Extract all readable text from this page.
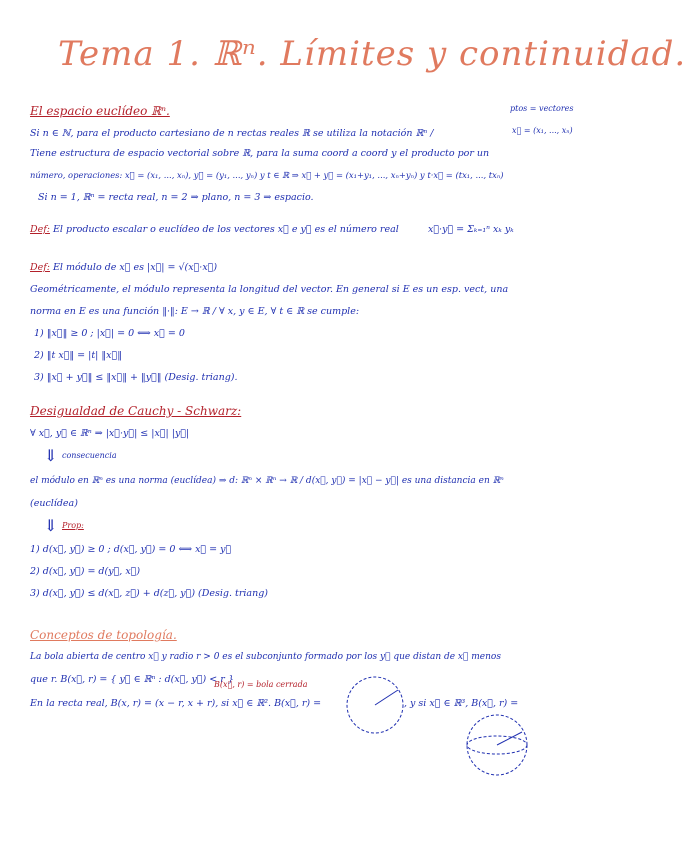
Tema 1. ℝⁿ. Límites y continuidad.
El espacio euclídeo ℝⁿ.	ptos = vectores
x⃗ = (x₁, ..., xₙ)
Si n ∈ ℕ, para el producto cartesiano de n rectas reales ℝ se utiliza la notación ℝⁿ /
Tiene estructura de espacio vectorial sobre ℝ, para la suma coord a coord y el producto por un
número, operaciones: x⃗ = (x₁, ..., xₙ), y⃗ = (y₁, ..., yₙ) y t ∈ ℝ ⇒ x⃗ + y⃗ = (x₁+y₁, ..., xₙ+yₙ) y t·x⃗ = (tx₁, ..., txₙ)
Si n = 1, ℝⁿ = recta real, n = 2 ⇒ plano, n = 3 ⇒ espacio.
Def: El producto escalar o euclídeo de los vectores x⃗ e y⃗ es el número real	x⃗·y⃗ = Σₖ₌₁ⁿ xₖ yₖ
Def: El módulo de x⃗ es |x⃗| = √(x⃗·x⃗)
Geométricamente, el módulo representa la longitud del vector. En general si E es un esp. vect, una
norma en E es una función ‖·‖: E → ℝ / ∀ x, y ∈ E, ∀ t ∈ ℝ se cumple:
1) ‖x⃗‖ ≥ 0 ; |x⃗| = 0 ⟺ x⃗ = 0
2) ‖t x⃗‖ = |t| ‖x⃗‖
3) ‖x⃗ + y⃗‖ ≤ ‖x⃗‖ + ‖y⃗‖ (Desig. triang).
Desigualdad de Cauchy - Schwarz:
∀ x⃗, y⃗ ∈ ℝⁿ ⇒ |x⃗·y⃗| ≤ |x⃗| |y⃗|
⇓ consecuencia
el módulo en ℝⁿ es una norma (euclídea) ⇒ d: ℝⁿ × ℝⁿ → ℝ / d(x⃗, y⃗) = |x⃗ − y⃗| es una distancia en ℝⁿ
(euclídea)
⇓ Prop:
1) d(x⃗, y⃗) ≥ 0 ; d(x⃗, y⃗) = 0 ⟺ x⃗ = y⃗
2) d(x⃗, y⃗) = d(y⃗, x⃗)
3) d(x⃗, y⃗) ≤ d(x⃗, z⃗) + d(z⃗, y⃗) (Desig. triang)
Conceptos de topología.
La bola abierta de centro x⃗ y radio r > 0 es el subconjunto formado por los y⃗ que distan de x⃗ menos
que r. B(x⃗, r) = { y⃗ ∈ ℝⁿ : d(x⃗, y⃗) < r }
B(x⃗, r) = bola cerrada
En la recta real, B(x, r) = (x − r, x + r), si x⃗ ∈ ℝ². B(x⃗, r) =	, y si x⃗ ∈ ℝ³, B(x⃗, r) =
